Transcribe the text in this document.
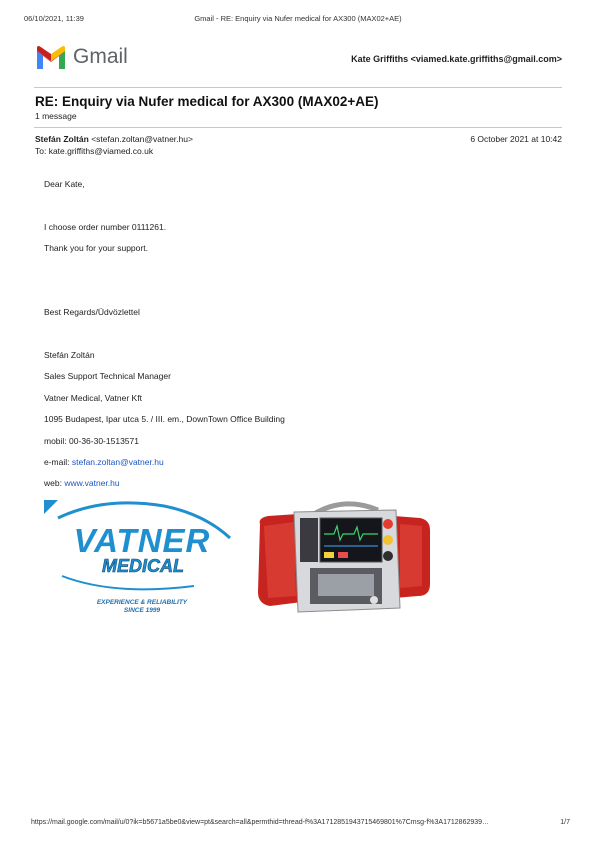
06/10/2021, 11:39	Gmail - RE: Enquiry via Nufer medical for AX300 (MAX02+AE)
Gmail	Kate Griffiths <viamed.kate.griffiths@gmail.com>
RE: Enquiry via Nufer medical for AX300 (MAX02+AE)
1 message
Stefán Zoltán <stefan.zoltan@vatner.hu>	6 October 2021 at 10:42
To: kate.griffiths@viamed.co.uk
Dear Kate,
I choose order number 0111261.
Thank you for your support.
Best Regards/Üdvözlettel
Stefán Zoltán
Sales Support Technical Manager
Vatner Medical, Vatner Kft
1095 Budapest, Ipar utca 5. / III. em., DownTown Office Building
mobil: 00-36-30-1513571
e-mail: stefan.zoltan@vatner.hu
web: www.vatner.hu
VATNER
MEDICAL
EXPERIENCE & RELIABILITY
SINCE 1999
https://mail.google.com/mail/u/0?ik=b5671a5be0&view=pt&search=all&permthid=thread-f%3A1712851943715469801%7Cmsg-f%3A1712862939…	1/7
